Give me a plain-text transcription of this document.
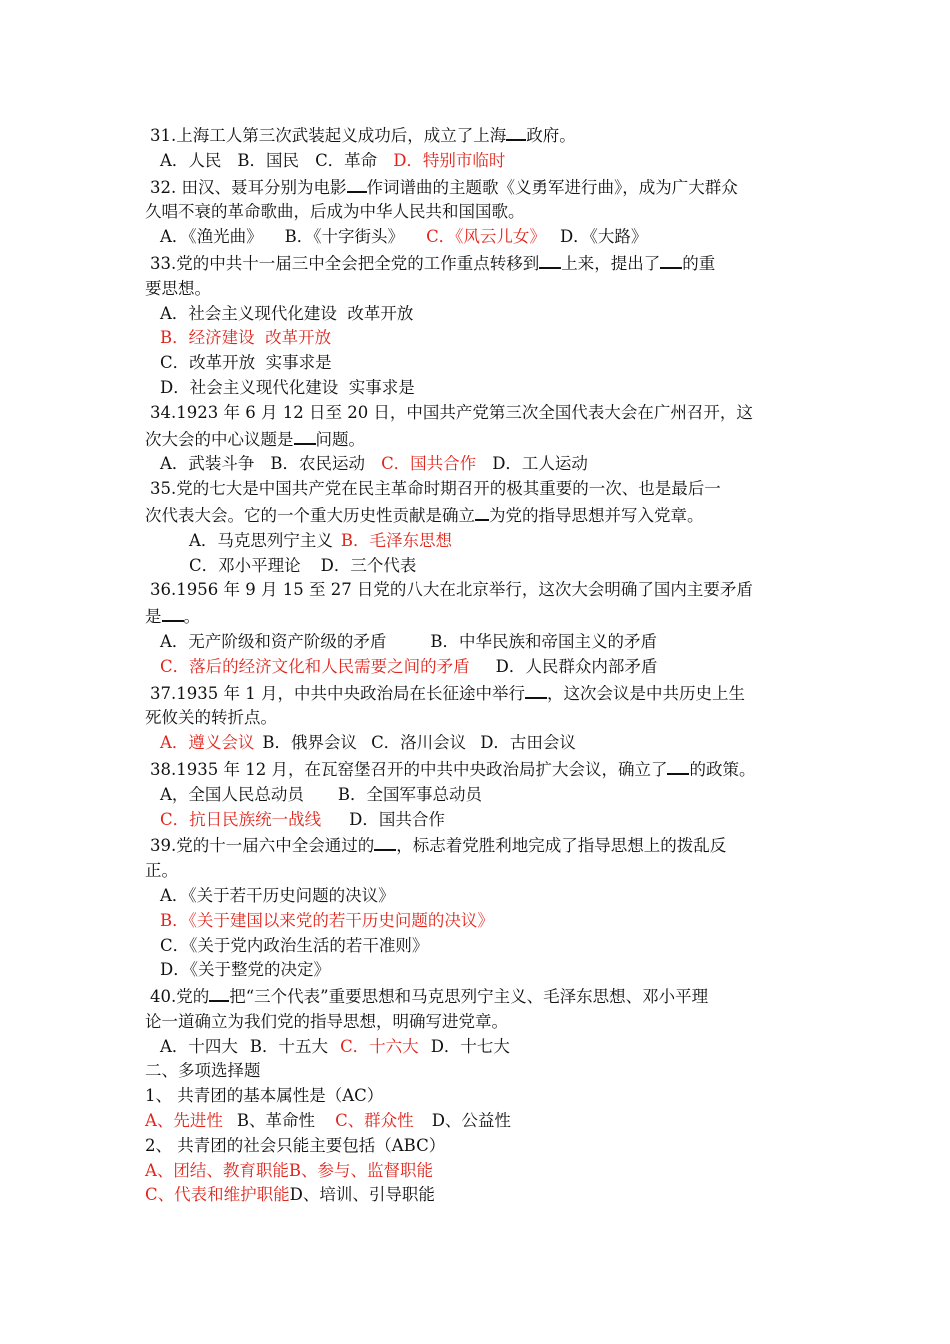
31.上海工人第三次武装起义成功后，成立了上海 政府。
A．人民 B．国民 C．革命 D．特别市临时
32. 田汉、聂耳分别为电影 作词谱曲的主题歌《义勇军进行曲》，成为广大群众
久唱不衰的革命歌曲，后成为中华人民共和国国歌。
A．《渔光曲》 B．《十字街头》 C．《风云儿女》 D．《大路》
33.党的中共十一届三中全会把全党的工作重点转移到 上来，提出了 的重
要思想。
A．社会主义现代化建设  改革开放
B．经济建设  改革开放
C．改革开放  实事求是
D．社会主义现代化建设  实事求是
34.1923 年 6 月 12 日至 20 日，中国共产党第三次全国代表大会在广州召开，这
次大会的中心议题是 问题。
A．武装斗争 B．农民运动 C．国共合作 D．工人运动
35.党的七大是中国共产党在民主革命时期召开的极其重要的一次、也是最后一
次代表大会。它的一个重大历史性贡献是确立 为党的指导思想并写入党章。
A．马克思列宁主义 B．毛泽东思想
C．邓小平理论 D．三个代表
36.1956 年 9 月 15 至 27 日党的八大在北京举行，这次大会明确了国内主要矛盾
是 。
A．无产阶级和资产阶级的矛盾	B．中华民族和帝国主义的矛盾
C．落后的经济文化和人民需要之间的矛盾 D．人民群众内部矛盾
37.1935 年 1 月，中共中央政治局在长征途中举行 ，这次会议是中共历史上生
死攸关的转折点。
A．遵义会议 B．俄界会议 C．洛川会议 D．古田会议
38.1935 年 12 月，在瓦窑堡召开的中共中央政治局扩大会议，确立了 的政策。
A，全国人民总动员 B．全国军事总动员
C．抗日民族统一战线 D．国共合作
39.党的十一届六中全会通过的 ，标志着党胜利地完成了指导思想上的拨乱反
正。
A．《关于若干历史问题的决议》
B．《关于建国以来党的若干历史问题的决议》
C．《关于党内政治生活的若干准则》
D．《关于整党的决定》
40.党的 把“三个代表”重要思想和马克思列宁主义、毛泽东思想、邓小平理
论一道确立为我们党的指导思想，明确写进党章。
A．十四大 B．十五大 C．十六大 D．十七大
二、多项选择题
1、 共青团的基本属性是（AC）
A、先进性 B、革命性 C、群众性 D、公益性
2、 共青团的社会只能主要包括（ABC）
A、团结、教育职能B、参与、监督职能
C、代表和维护职能D、培训、引导职能
